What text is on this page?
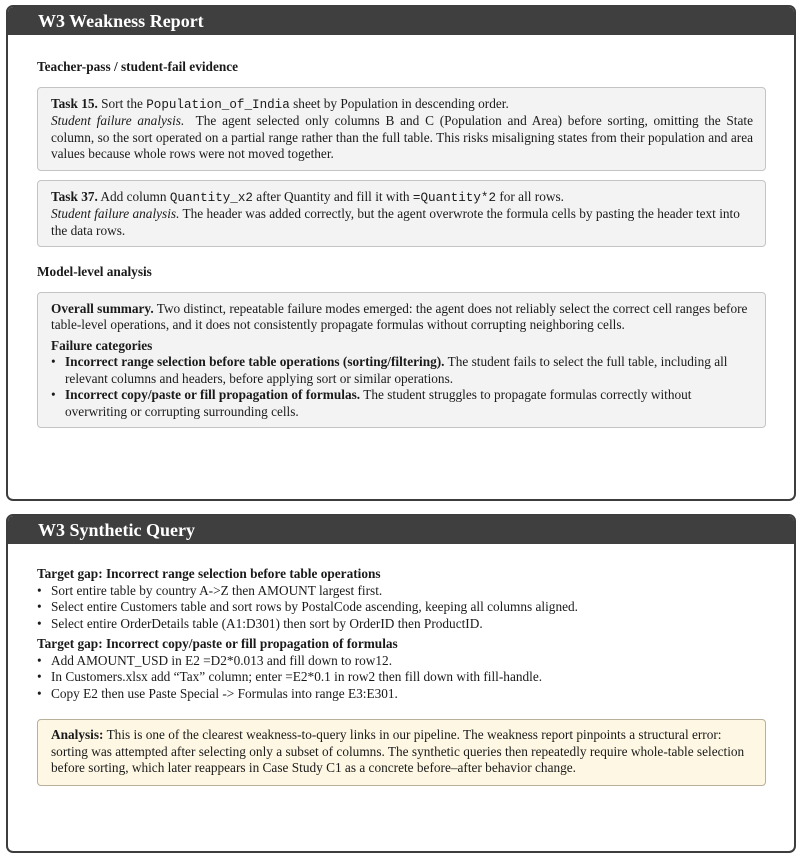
W3 Weakness Report

Teacher-pass / student-fail evidence

Task 15. Sort the Population_of_India sheet by Population in descending order.

Student failure analysis. The agent selected only columns B and C (Population and Area) before sorting, omitting the State column, so the sort operated on a partial range rather than the full table. This risks misaligning states from their population and area values because whole rows were not moved together.

Task 37. Add column Quantity_x2 after Quantity and fill it with =Quantity*2 for all rows.

Student failure analysis. The header was added correctly, but the agent overwrote the formula cells by pasting the header text into the data rows.

Model-level analysis

Overall summary. Two distinct, repeatable failure modes emerged: the agent does not reliably select the correct cell ranges before table-level operations, and it does not consistently propagate formulas without corrupting neighboring cells.

Failure categories

• Incorrect range selection before table operations (sorting/filtering). The student fails to select the full table, including all relevant columns and headers, before applying sort or similar operations.
• Incorrect copy/paste or fill propagation of formulas. The student struggles to propagate formulas correctly without overwriting or corrupting surrounding cells.
W3 Synthetic Query

Target gap: Incorrect range selection before table operations

• Sort entire table by country A->Z then AMOUNT largest first.
• Select entire Customers table and sort rows by PostalCode ascending, keeping all columns aligned.
• Select entire OrderDetails table (A1:D301) then sort by OrderID then ProductID.

Target gap: Incorrect copy/paste or fill propagation of formulas

• Add AMOUNT_USD in E2 =D2*0.013 and fill down to row12.
• In Customers.xlsx add “Tax” column; enter =E2*0.1 in row2 then fill down with fill-handle.
• Copy E2 then use Paste Special -> Formulas into range E3:E301.

Analysis: This is one of the clearest weakness-to-query links in our pipeline. The weakness report pinpoints a structural error: sorting was attempted after selecting only a subset of columns. The synthetic queries then repeatedly require whole-table selection before sorting, which later reappears in Case Study C1 as a concrete before–after behavior change.
